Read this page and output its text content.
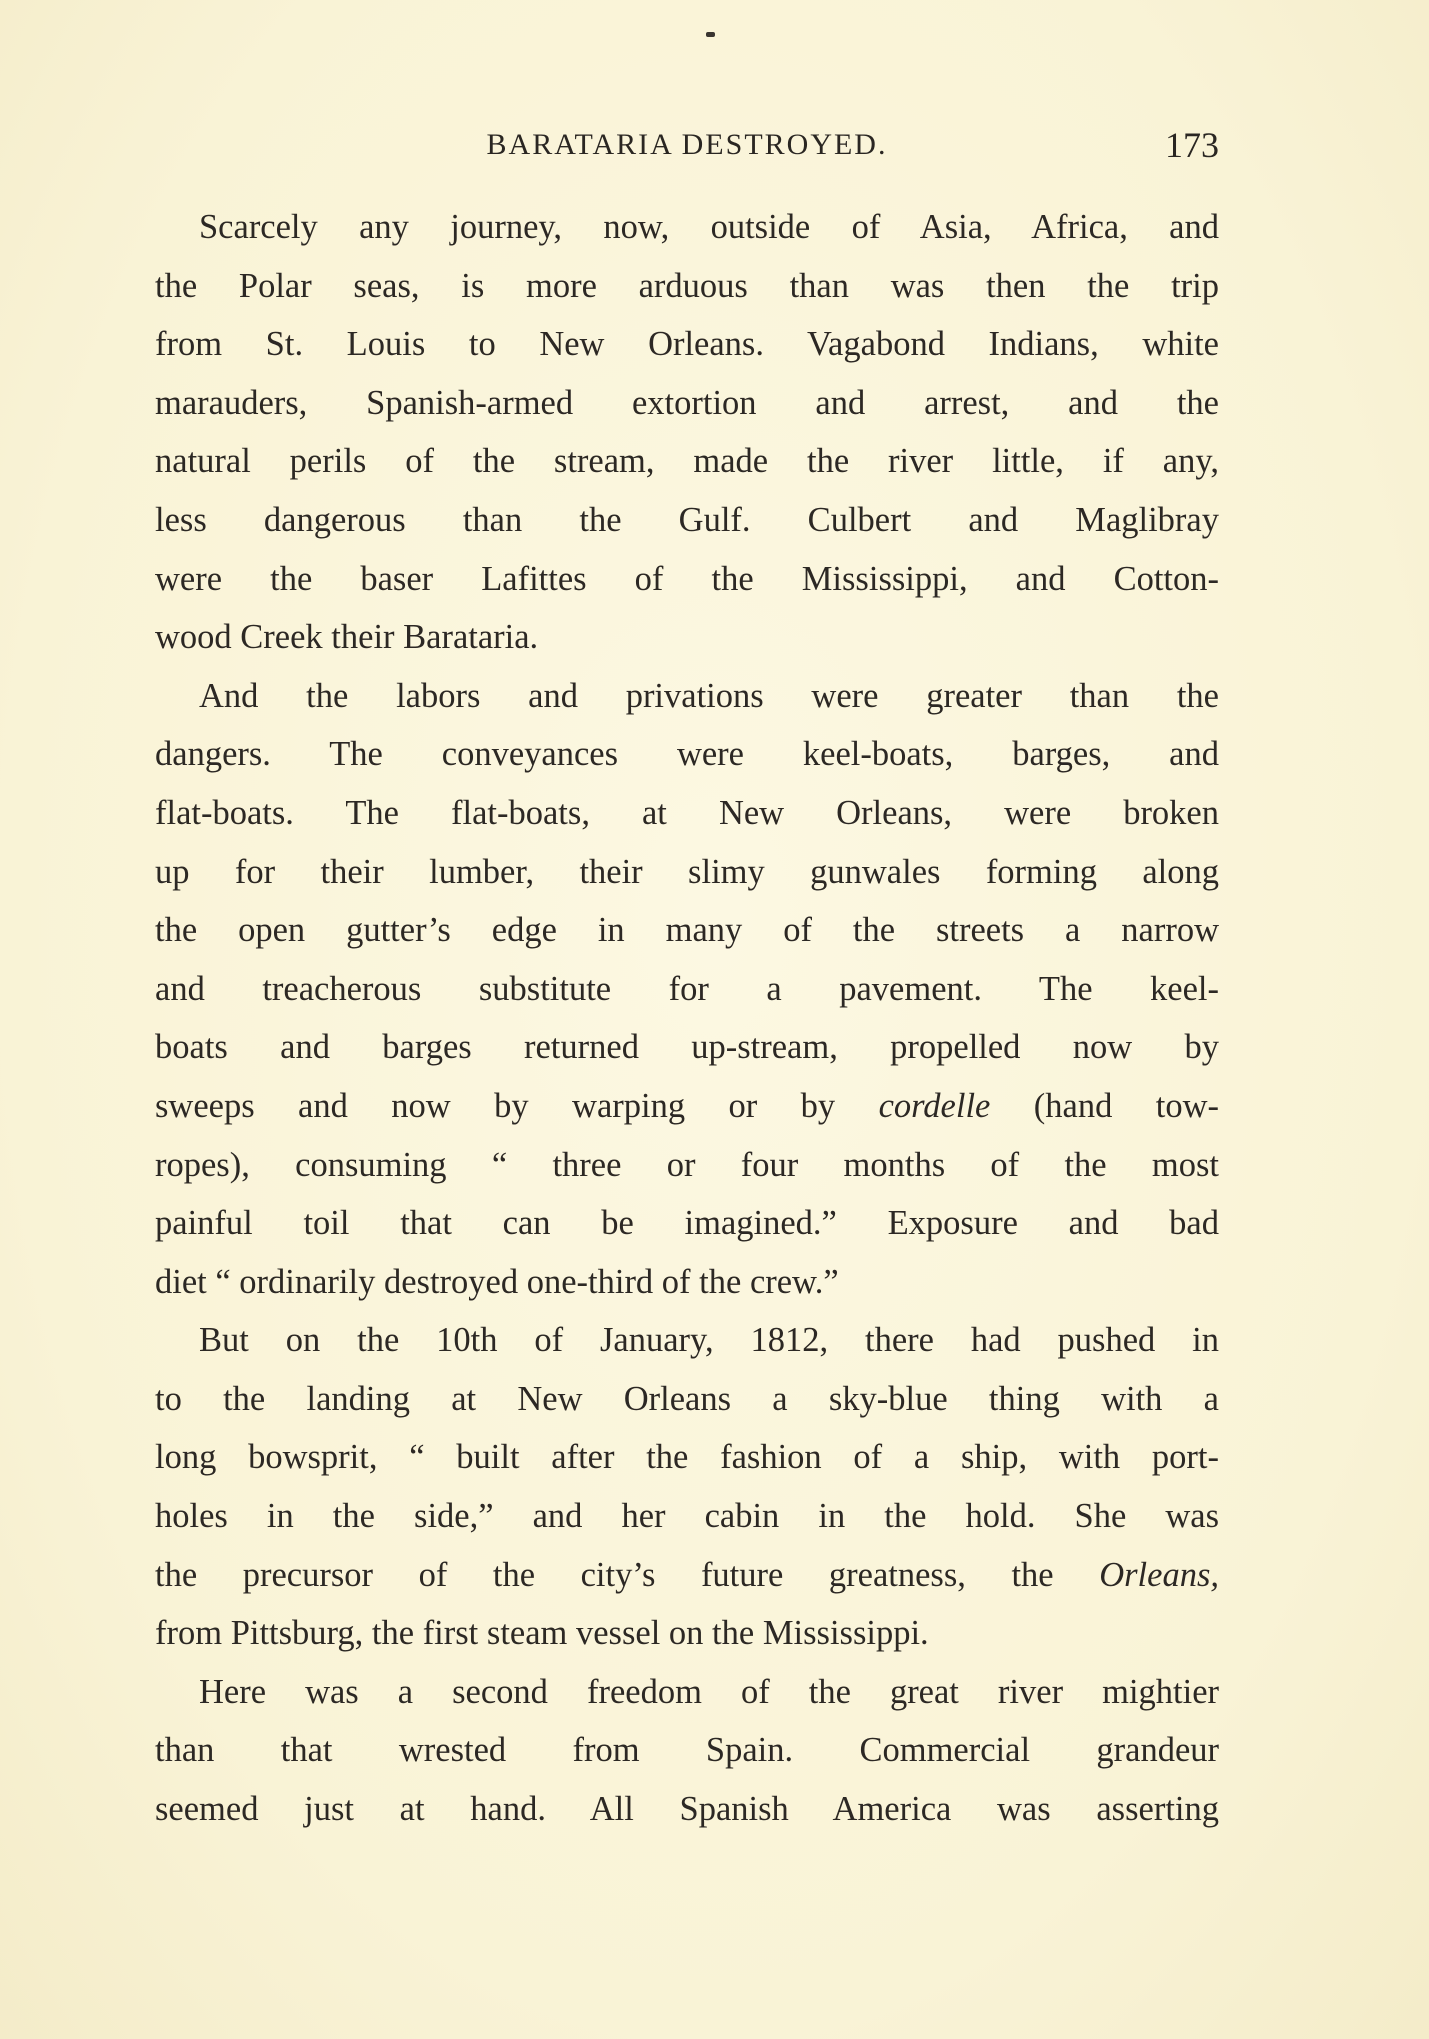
BARATARIA DESTROYED.	173
Scarcely any journey, now, outside of Asia, Africa, and
the Polar seas, is more arduous than was then the trip
from St. Louis to New Orleans. Vagabond Indians, white
marauders, Spanish-armed extortion and arrest, and the
natural perils of the stream, made the river little, if any,
less dangerous than the Gulf. Culbert and Maglibray
were the baser Lafittes of the Mississippi, and Cotton-
wood Creek their Barataria.
And the labors and privations were greater than the
dangers. The conveyances were keel-boats, barges, and
flat-boats. The flat-boats, at New Orleans, were broken
up for their lumber, their slimy gunwales forming along
the open gutter’s edge in many of the streets a narrow
and treacherous substitute for a pavement. The keel-
boats and barges returned up-stream, propelled now by
sweeps and now by warping or by cordelle (hand tow-
ropes), consuming “ three or four months of the most
painful toil that can be imagined.” Exposure and bad
diet “ ordinarily destroyed one-third of the crew.”
But on the 10th of January, 1812, there had pushed in
to the landing at New Orleans a sky-blue thing with a
long bowsprit, “ built after the fashion of a ship, with port-
holes in the side,” and her cabin in the hold. She was
the precursor of the city’s future greatness, the Orleans,
from Pittsburg, the first steam vessel on the Mississippi.
Here was a second freedom of the great river mightier
than that wrested from Spain. Commercial grandeur
seemed just at hand. All Spanish America was asserting
